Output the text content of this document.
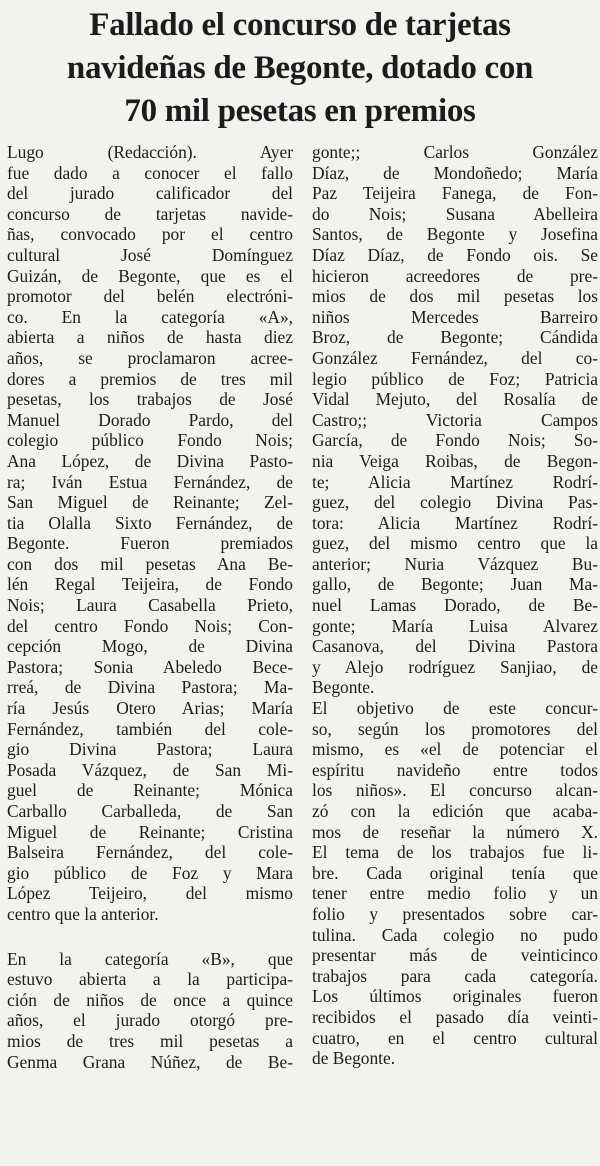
Fallado el concurso de tarjetas
navideñas de Begonte, dotado con
70 mil pesetas en premios
Lugo (Redacción). Ayer
fue dado a conocer el fallo
del jurado calificador del
concurso de tarjetas navide-
ñas, convocado por el centro
cultural José Domínguez
Guizán, de Begonte, que es el
promotor del belén electróni-
co. En la categoría «A»,
abierta a niños de hasta diez
años, se proclamaron acree-
dores a premios de tres mil
pesetas, los trabajos de José
Manuel Dorado Pardo, del
colegio público Fondo Nois;
Ana López, de Divina Pasto-
ra; Iván Estua Fernández, de
San Miguel de Reinante; Zel-
tia Olalla Sixto Fernández, de
Begonte. Fueron premiados
con dos mil pesetas Ana Be-
lén Regal Teijeira, de Fondo
Nois; Laura Casabella Prieto,
del centro Fondo Nois; Con-
cepción Mogo, de Divina
Pastora; Sonia Abeledo Bece-
rreá, de Divina Pastora; Ma-
ría Jesús Otero Arias; María
Fernández, también del cole-
gio Divina Pastora; Laura
Posada Vázquez, de San Mi-
guel de Reinante; Mónica
Carballo Carballeda, de San
Miguel de Reinante; Cristina
Balseira Fernández, del cole-
gio público de Foz y Mara
López Teijeiro, del mismo
centro que la anterior.
En la categoría «B», que
estuvo abierta a la participa-
ción de niños de once a quince
años, el jurado otorgó pre-
mios de tres mil pesetas a
Genma Grana Núñez, de Be-
gonte;; Carlos González
Díaz, de Mondoñedo; María
Paz Teijeira Fanega, de Fon-
do Nois; Susana Abelleira
Santos, de Begonte y Josefina
Díaz Díaz, de Fondo ois. Se
hicieron acreedores de pre-
mios de dos mil pesetas los
niños Mercedes Barreiro
Broz, de Begonte; Cándida
González Fernández, del co-
legio público de Foz; Patricia
Vidal Mejuto, del Rosalía de
Castro;; Victoria Campos
García, de Fondo Nois; So-
nia Veiga Roibas, de Begon-
te; Alicia Martínez Rodrí-
guez, del colegio Divina Pas-
tora: Alicia Martínez Rodrí-
guez, del mismo centro que la
anterior; Nuria Vázquez Bu-
gallo, de Begonte; Juan Ma-
nuel Lamas Dorado, de Be-
gonte; María Luisa Alvarez
Casanova, del Divina Pastora
y Alejo rodríguez Sanjiao, de
Begonte.
El objetivo de este concur-
so, según los promotores del
mismo, es «el de potenciar el
espíritu navideño entre todos
los niños». El concurso alcan-
zó con la edición que acaba-
mos de reseñar la número X.
El tema de los trabajos fue li-
bre. Cada original tenía que
tener entre medio folio y un
folio y presentados sobre car-
tulina. Cada colegio no pudo
presentar más de veinticinco
trabajos para cada categoría.
Los últimos originales fueron
recibidos el pasado día veinti-
cuatro, en el centro cultural
de Begonte.
